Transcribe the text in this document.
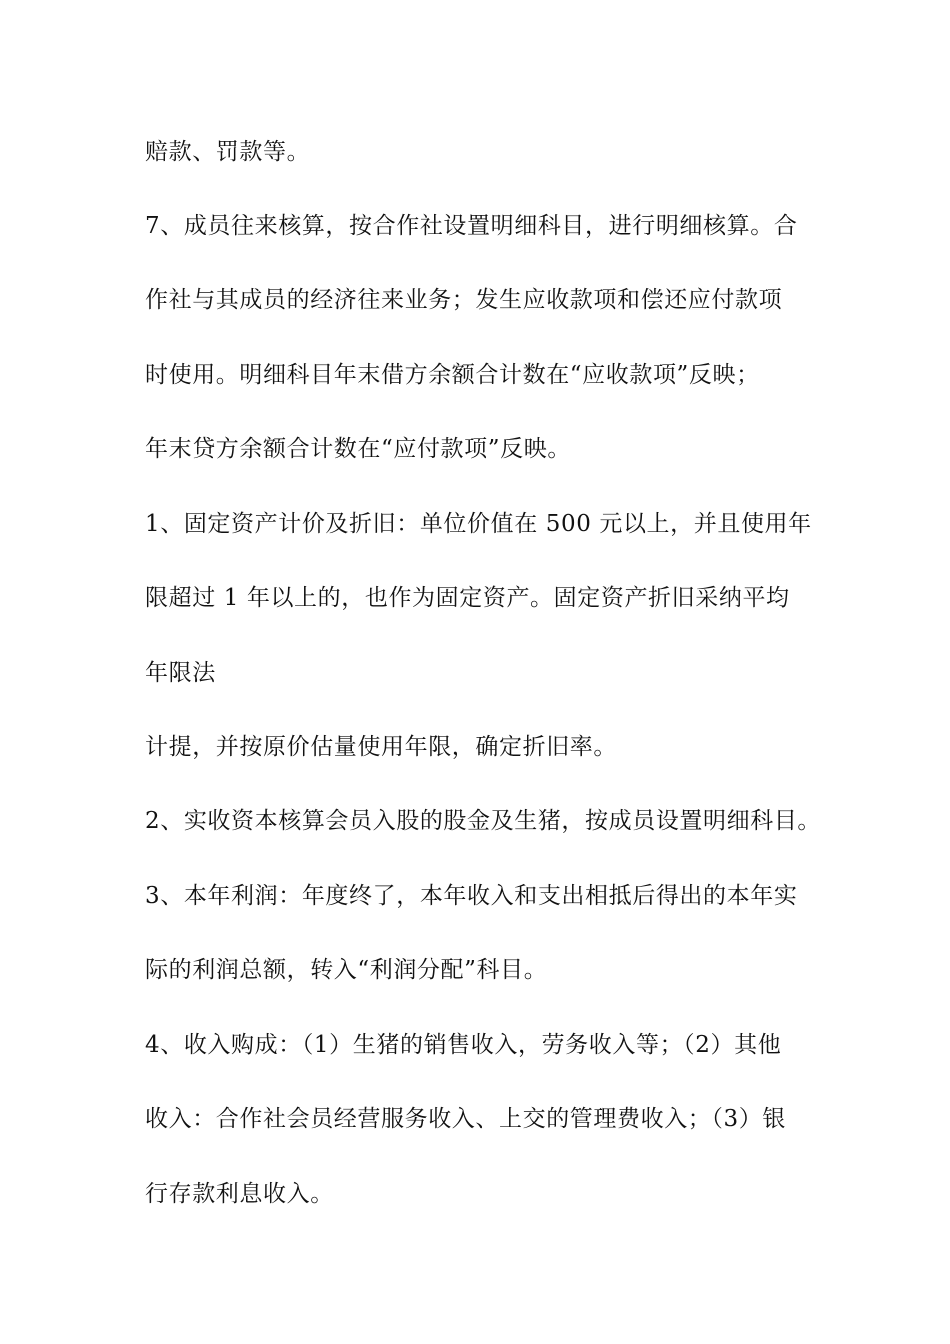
赔款、罚款等。
7、成员往来核算，按合作社设置明细科目，进行明细核算。合
作社与其成员的经济往来业务；发生应收款项和偿还应付款项
时使用。明细科目年末借方余额合计数在“应收款项”反映；
年末贷方余额合计数在“应付款项”反映。
1、固定资产计价及折旧：单位价值在 500 元以上，并且使用年
限超过 1 年以上的，也作为固定资产。固定资产折旧采纳平均
年限法
计提，并按原价估量使用年限，确定折旧率。
2、实收资本核算会员入股的股金及生猪，按成员设置明细科目。
3、本年利润：年度终了，本年收入和支出相抵后得出的本年实
际的利润总额，转入“利润分配”科目。
4、收入购成：（1）生猪的销售收入，劳务收入等；（2）其他
收入：合作社会员经营服务收入、上交的管理费收入；（3）银
行存款利息收入。
